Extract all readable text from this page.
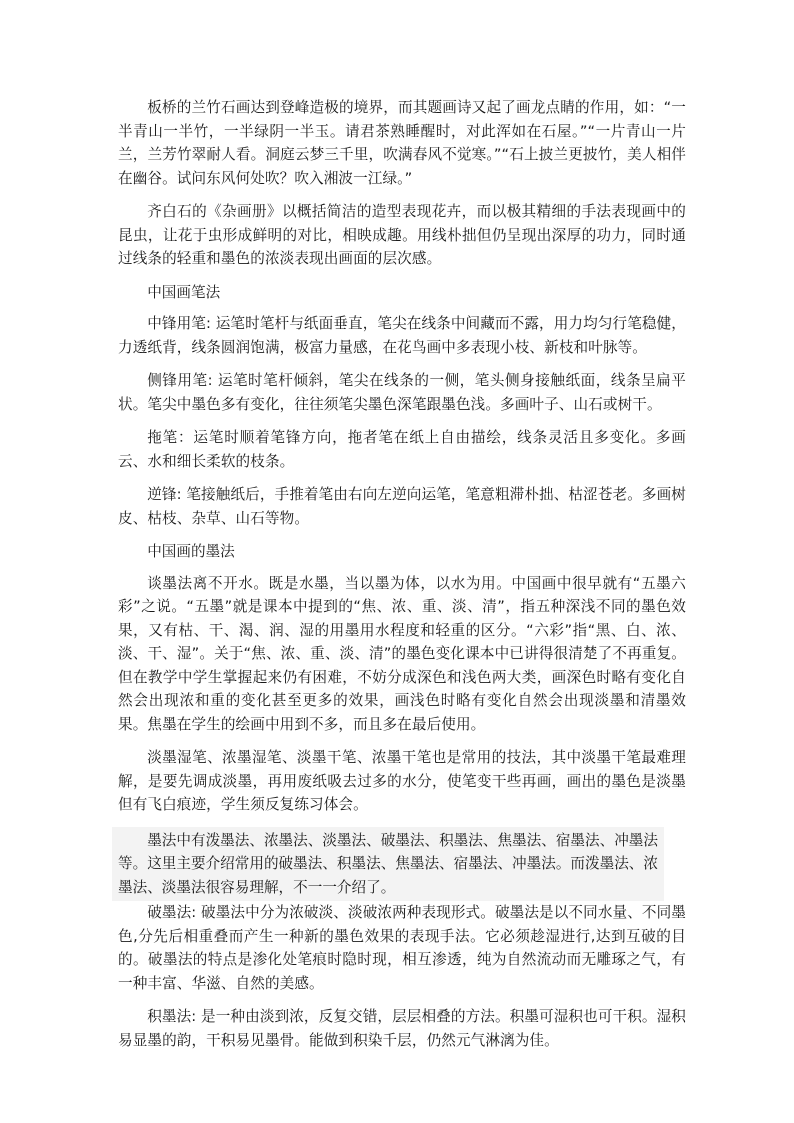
板桥的兰竹石画达到登峰造极的境界，而其题画诗又起了画龙点睛的作用，如：“一半青山一半竹，一半绿阴一半玉。请君茶熟睡醒时，对此浑如在石屋。”“一片青山一片兰，兰芳竹翠耐人看。洞庭云梦三千里，吹满春风不觉寒。”“石上披兰更披竹，美人相伴在幽谷。试问东风何处吹？吹入湘波一江绿。”

齐白石的《杂画册》以概括简洁的造型表现花卉，而以极其精细的手法表现画中的昆虫，让花于虫形成鲜明的对比，相映成趣。用线朴拙但仍呈现出深厚的功力，同时通过线条的轻重和墨色的浓淡表现出画面的层次感。

中国画笔法

中锋用笔: 运笔时笔杆与纸面垂直，笔尖在线条中间藏而不露，用力均匀行笔稳健，力透纸背，线条圆润饱满，极富力量感，在花鸟画中多表现小枝、新枝和叶脉等。

侧锋用笔: 运笔时笔杆倾斜，笔尖在线条的一侧，笔头侧身接触纸面，线条呈扁平状。笔尖中墨色多有变化，往往须笔尖墨色深笔跟墨色浅。多画叶子、山石或树干。

拖笔：运笔时顺着笔锋方向，拖者笔在纸上自由描绘，线条灵活且多变化。多画云、水和细长柔软的枝条。

逆锋: 笔接触纸后，手推着笔由右向左逆向运笔，笔意粗滞朴拙、枯涩苍老。多画树皮、枯枝、杂草、山石等物。

中国画的墨法

谈墨法离不开水。既是水墨，当以墨为体，以水为用。中国画中很早就有“五墨六彩”之说。“五墨”就是课本中提到的“焦、浓、重、淡、清”，指五种深浅不同的墨色效果，又有枯、干、渴、润、湿的用墨用水程度和轻重的区分。“六彩”指“黑、白、浓、淡、干、湿”。关于“焦、浓、重、淡、清”的墨色变化课本中已讲得很清楚了不再重复。但在教学中学生掌握起来仍有困难，不妨分成深色和浅色两大类，画深色时略有变化自然会出现浓和重的变化甚至更多的效果，画浅色时略有变化自然会出现淡墨和清墨效果。焦墨在学生的绘画中用到不多，而且多在最后使用。

淡墨湿笔、浓墨湿笔、淡墨干笔、浓墨干笔也是常用的技法，其中淡墨干笔最难理解，是要先调成淡墨，再用废纸吸去过多的水分，使笔变干些再画，画出的墨色是淡墨但有飞白痕迹，学生须反复练习体会。

墨法中有泼墨法、浓墨法、淡墨法、破墨法、积墨法、焦墨法、宿墨法、冲墨法等。这里主要介绍常用的破墨法、积墨法、焦墨法、宿墨法、冲墨法。而泼墨法、浓墨法、淡墨法很容易理解，不一一介绍了。

破墨法: 破墨法中分为浓破淡、淡破浓两种表现形式。破墨法是以不同水量、不同墨色,分先后相重叠而产生一种新的墨色效果的表现手法。它必须趁湿进行,达到互破的目的。破墨法的特点是渗化处笔痕时隐时现，相互渗透，纯为自然流动而无雕琢之气，有一种丰富、华滋、自然的美感。

积墨法: 是一种由淡到浓，反复交错，层层相叠的方法。积墨可湿积也可干积。湿积易显墨的韵，干积易见墨骨。能做到积染千层，仍然元气淋漓为佳。
